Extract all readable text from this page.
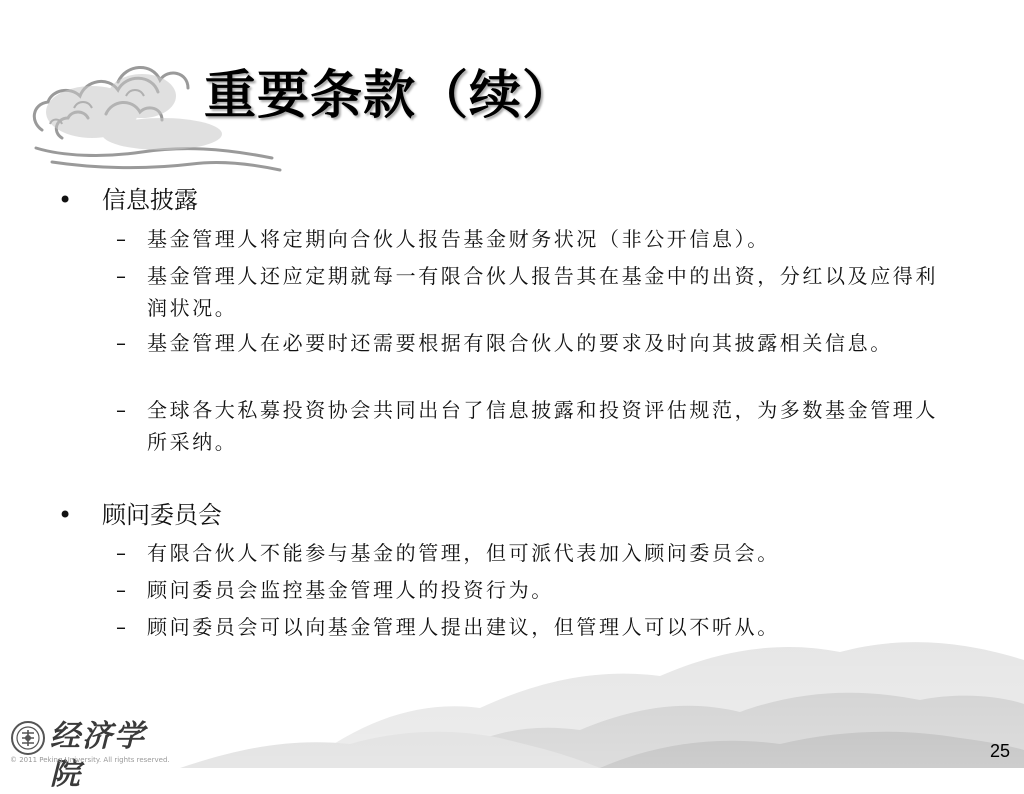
重要条款（续）
• 信息披露
– 基金管理人将定期向合伙人报告基金财务状况（非公开信息）。
– 基金管理人还应定期就每一有限合伙人报告其在基金中的出资，分红以及应得利润状况。
– 基金管理人在必要时还需要根据有限合伙人的要求及时向其披露相关信息。
– 全球各大私募投资协会共同出台了信息披露和投资评估规范，为多数基金管理人所采纳。
• 顾问委员会
– 有限合伙人不能参与基金的管理，但可派代表加入顾问委员会。
– 顾问委员会监控基金管理人的投资行为。
– 顾问委员会可以向基金管理人提出建议，但管理人可以不听从。
经济学院
© 2011 Peking University. All rights reserved.	25
